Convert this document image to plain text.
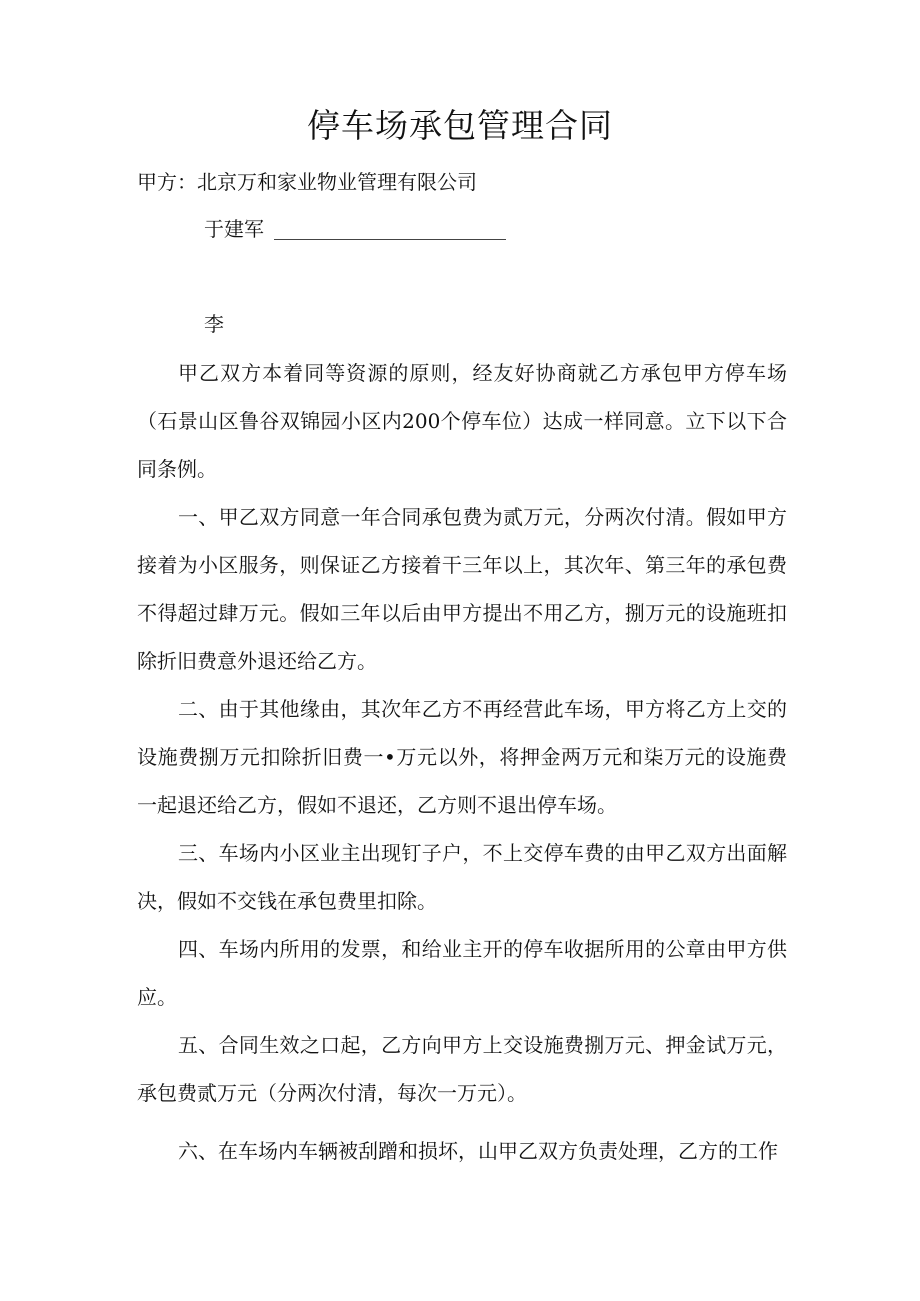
停车场承包管理合同
甲方：北京万和家业物业管理有限公司
于建军
李

甲乙双方本着同等资源的原则，经友好协商就乙方承包甲方停车场（石景山区鲁谷双锦园小区内200个停车位）达成一样同意。立下以下合同条例。

一、甲乙双方同意一年合同承包费为贰万元，分两次付清。假如甲方接着为小区服务，则保证乙方接着干三年以上，其次年、第三年的承包费不得超过肆万元。假如三年以后由甲方提出不用乙方，捌万元的设施班扣除折旧费意外退还给乙方。

二、由于其他缘由，其次年乙方不再经营此车场，甲方将乙方上交的设施费捌万元扣除折旧费一•万元以外，将押金两万元和柒万元的设施费一起退还给乙方，假如不退还，乙方则不退出停车场。

三、车场内小区业主出现钉子户，不上交停车费的由甲乙双方出面解决，假如不交钱在承包费里扣除。

四、车场内所用的发票，和给业主开的停车收据所用的公章由甲方供应。

五、合同生效之口起，乙方向甲方上交设施费捌万元、押金试万元，承包费贰万元（分两次付清，每次一万元）。

六、在车场内车辆被刮蹭和损坏，山甲乙双方负责处理，乙方的工作
